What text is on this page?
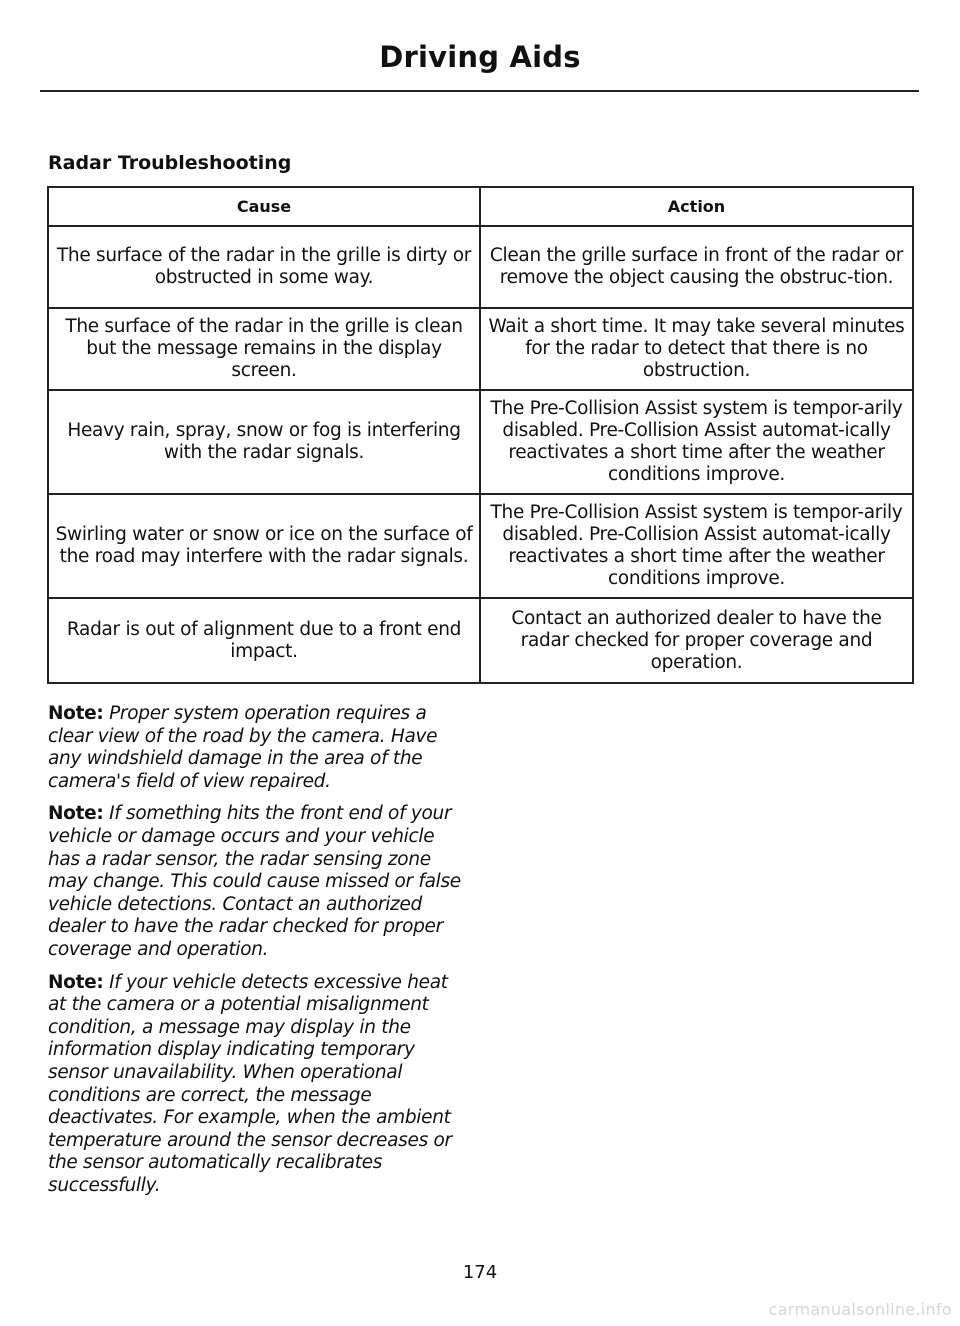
Driving Aids
Radar Troubleshooting
Cause	Action
The surface of the radar in the grille is dirty or obstructed in some way.	Clean the grille surface in front of the radar or remove the object causing the obstruc-tion.
The surface of the radar in the grille is clean but the message remains in the display screen.	Wait a short time. It may take several minutes for the radar to detect that there is no obstruction.
Heavy rain, spray, snow or fog is interfering with the radar signals.	The Pre-Collision Assist system is tempor-arily disabled. Pre-Collision Assist automat-ically reactivates a short time after the weather conditions improve.
Swirling water or snow or ice on the surface of the road may interfere with the radar signals.	The Pre-Collision Assist system is tempor-arily disabled. Pre-Collision Assist automat-ically reactivates a short time after the weather conditions improve.
Radar is out of alignment due to a front end impact.	Contact an authorized dealer to have the radar checked for proper coverage and operation.

Note: Proper system operation requires a clear view of the road by the camera. Have any windshield damage in the area of the camera's field of view repaired.

Note: If something hits the front end of your vehicle or damage occurs and your vehicle has a radar sensor, the radar sensing zone may change. This could cause missed or false vehicle detections. Contact an authorized dealer to have the radar checked for proper coverage and operation.

Note: If your vehicle detects excessive heat at the camera or a potential misalignment condition, a message may display in the information display indicating temporary sensor unavailability. When operational conditions are correct, the message deactivates. For example, when the ambient temperature around the sensor decreases or the sensor automatically recalibrates successfully.

174
carmanualsonline.info
